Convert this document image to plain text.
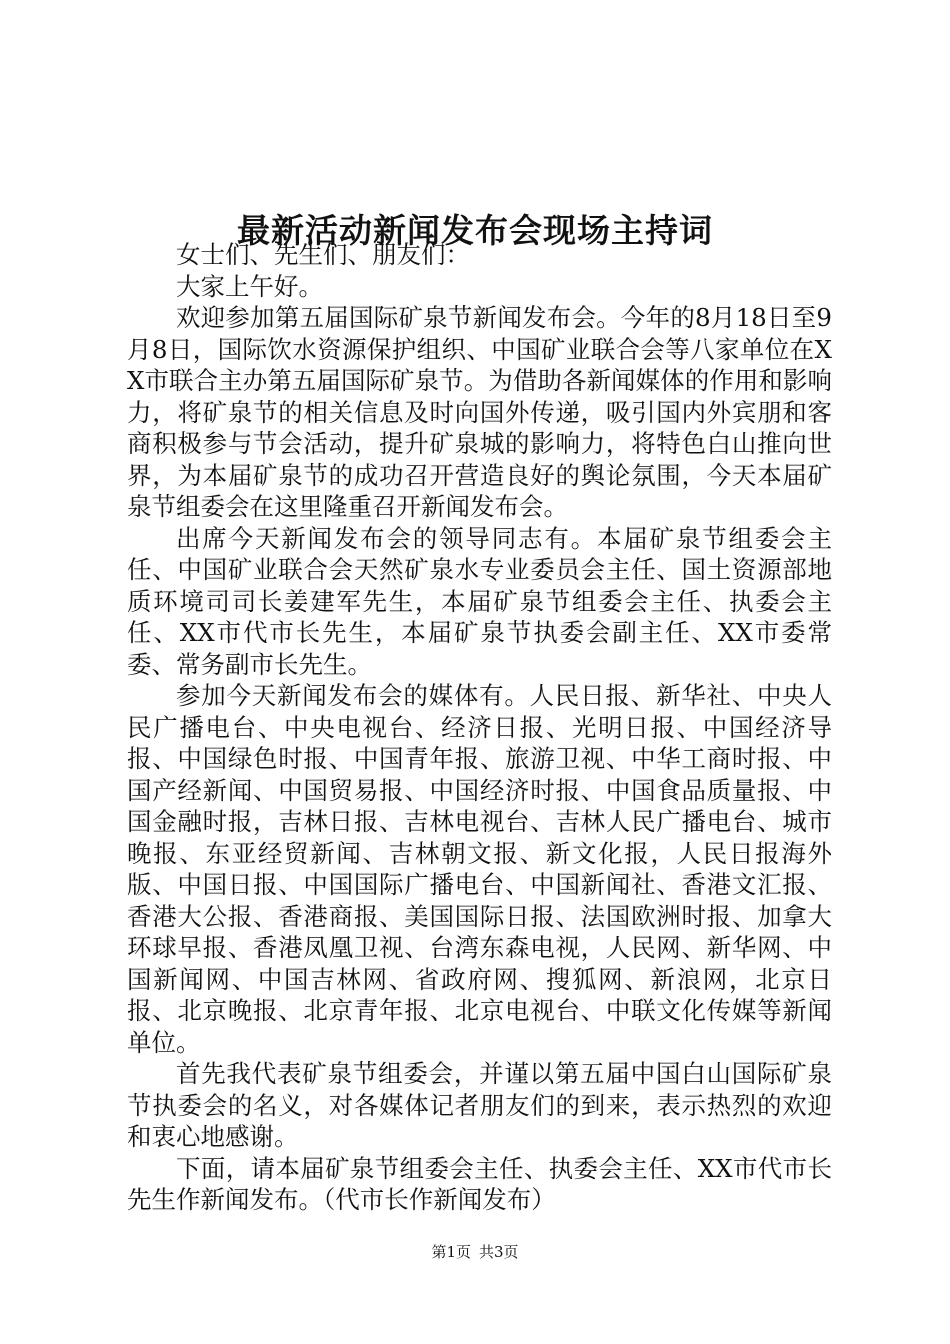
最新活动新闻发布会现场主持词

女士们、先生们、朋友们：

大家上午好。

欢迎参加第五届国际矿泉节新闻发布会。今年的8月18日至9月8日，国际饮水资源保护组织、中国矿业联合会等八家单位在XX市联合主办第五届国际矿泉节。为借助各新闻媒体的作用和影响力，将矿泉节的相关信息及时向国外传递，吸引国内外宾朋和客商积极参与节会活动，提升矿泉城的影响力，将特色白山推向世界，为本届矿泉节的成功召开营造良好的舆论氛围，今天本届矿泉节组委会在这里隆重召开新闻发布会。

出席今天新闻发布会的领导同志有。本届矿泉节组委会主任、中国矿业联合会天然矿泉水专业委员会主任、国土资源部地质环境司司长姜建军先生，本届矿泉节组委会主任、执委会主任、XX市代市长先生，本届矿泉节执委会副主任、XX市委常委、常务副市长先生。

参加今天新闻发布会的媒体有。人民日报、新华社、中央人民广播电台、中央电视台、经济日报、光明日报、中国经济导报、中国绿色时报、中国青年报、旅游卫视、中华工商时报、中国产经新闻、中国贸易报、中国经济时报、中国食品质量报、中国金融时报，吉林日报、吉林电视台、吉林人民广播电台、城市晚报、东亚经贸新闻、吉林朝文报、新文化报，人民日报海外版、中国日报、中国国际广播电台、中国新闻社、香港文汇报、香港大公报、香港商报、美国国际日报、法国欧洲时报、加拿大环球早报、香港凤凰卫视、台湾东森电视，人民网、新华网、中国新闻网、中国吉林网、省政府网、搜狐网、新浪网，北京日报、北京晚报、北京青年报、北京电视台、中联文化传媒等新闻单位。

首先我代表矿泉节组委会，并谨以第五届中国白山国际矿泉节执委会的名义，对各媒体记者朋友们的到来，表示热烈的欢迎和衷心地感谢。

下面，请本届矿泉节组委会主任、执委会主任、XX市代市长先生作新闻发布。（代市长作新闻发布）

第1页 共3页
